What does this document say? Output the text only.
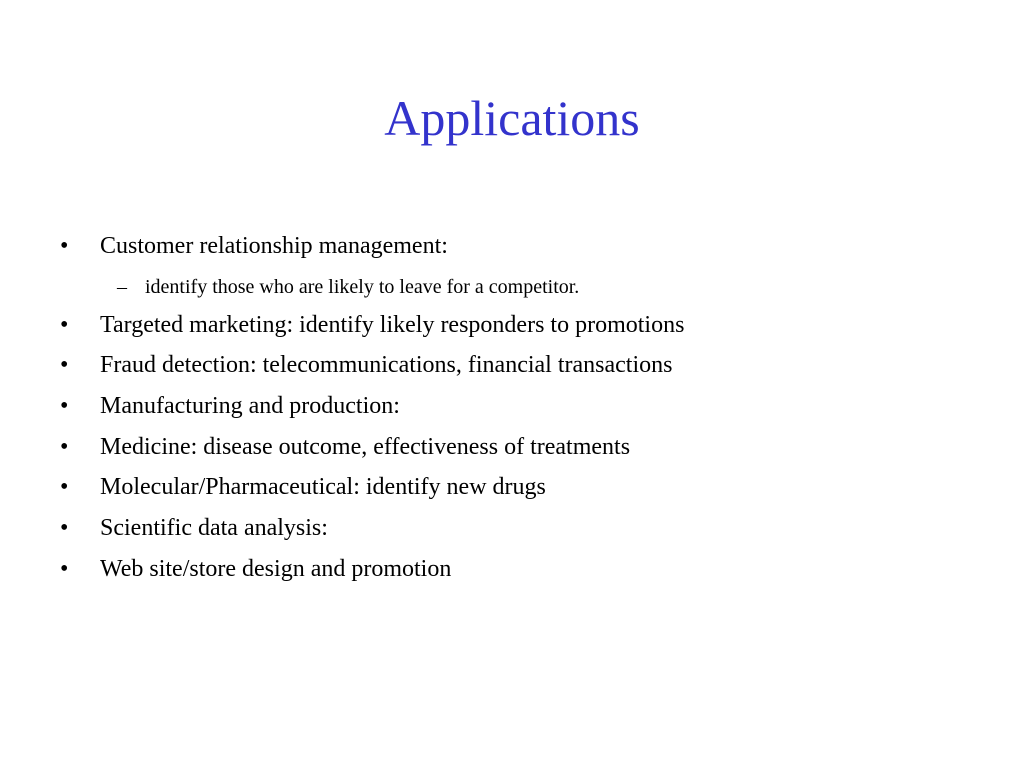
Applications
• Customer relationship management:
– identify those who are likely to leave for a competitor.
• Targeted marketing: identify likely responders to promotions
• Fraud detection: telecommunications, financial transactions
• Manufacturing and production:
• Medicine: disease outcome, effectiveness of treatments
• Molecular/Pharmaceutical: identify new drugs
• Scientific data analysis:
• Web site/store design and promotion
